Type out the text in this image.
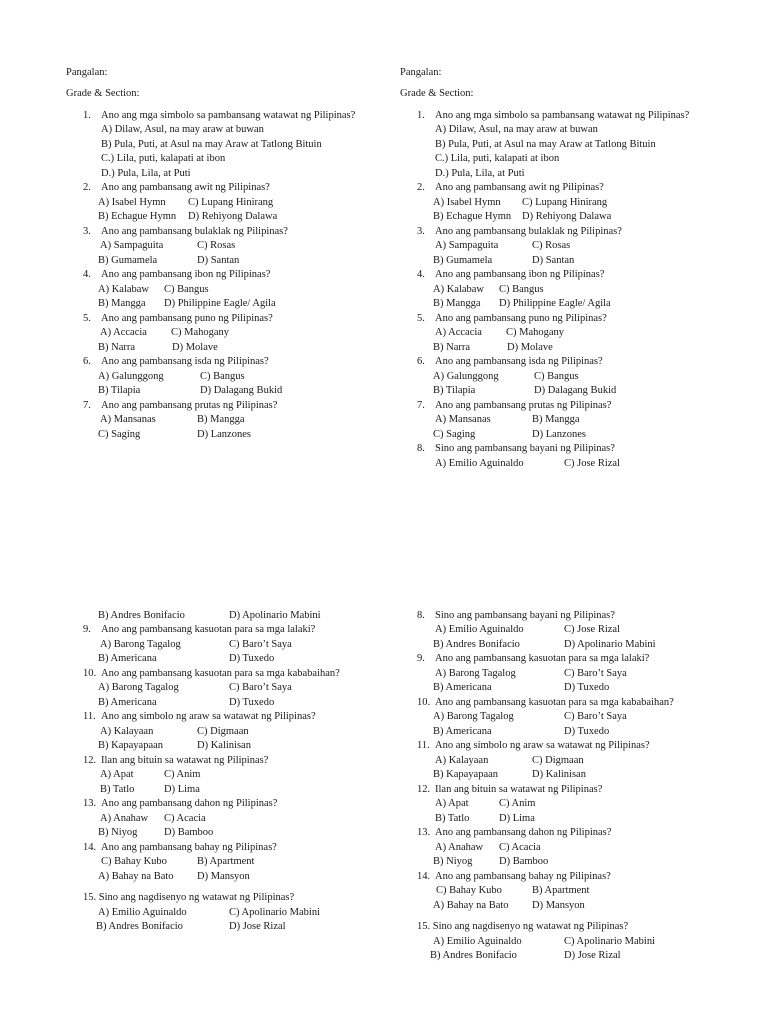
Pangalan:
Grade & Section:
1. Ano ang mga simbolo sa pambansang watawat ng Pilipinas?
A) Dilaw, Asul, na may araw at buwan
B) Pula, Puti, at Asul na may Araw at Tatlong Bituin
C.) Lila, puti, kalapati at ibon
D.) Pula, Lila, at Puti
2. Ano ang pambansang awit ng Pilipinas?
A) Isabel Hymn C) Lupang Hinirang
B) Echague Hymn D) Rehiyong Dalawa
3. Ano ang pambansang bulaklak ng Pilipinas?
A) Sampaguita	C) Rosas
B) Gumamela	D) Santan
4. Ano ang pambansang ibon ng Pilipinas?
A) Kalabaw C) Bangus
B) Mangga D) Philippine Eagle/ Agila
5. Ano ang pambansang puno ng Pilipinas?
A) Accacia C) Mahogany
B) Narra	D) Molave
6. Ano ang pambansang isda ng Pilipinas?
A) Galunggong	C) Bangus
B) Tilapia	D) Dalagang Bukid
7. Ano ang pambansang prutas ng Pilipinas?
A) Mansanas	B) Mangga
C) Saging	D) Lanzones
Pangalan:
Grade & Section:
1. Ano ang mga simbolo sa pambansang watawat ng Pilipinas?
A) Dilaw, Asul, na may araw at buwan
B) Pula, Puti, at Asul na may Araw at Tatlong Bituin
C.) Lila, puti, kalapati at ibon
D.) Pula, Lila, at Puti
2. Ano ang pambansang awit ng Pilipinas?
A) Isabel Hymn C) Lupang Hinirang
B) Echague Hymn D) Rehiyong Dalawa
3. Ano ang pambansang bulaklak ng Pilipinas?
A) Sampaguita	C) Rosas
B) Gumamela	D) Santan
4. Ano ang pambansang ibon ng Pilipinas?
A) Kalabaw C) Bangus
B) Mangga D) Philippine Eagle/ Agila
5. Ano ang pambansang puno ng Pilipinas?
A) Accacia C) Mahogany
B) Narra	D) Molave
6. Ano ang pambansang isda ng Pilipinas?
A) Galunggong	C) Bangus
B) Tilapia	D) Dalagang Bukid
7. Ano ang pambansang prutas ng Pilipinas?
A) Mansanas	B) Mangga
C) Saging	D) Lanzones
8. Sino ang pambansang bayani ng Pilipinas?
A) Emilio Aguinaldo	C) Jose Rizal
B) Andres Bonifacio	D) Apolinario Mabini
9. Ano ang pambansang kasuotan para sa mga lalaki?
A) Barong Tagalog	C) Baro’t Saya
B) Americana	D) Tuxedo
10. Ano ang pambansang kasuotan para sa mga kababaihan?
A) Barong Tagalog	C) Baro’t Saya
B) Americana	D) Tuxedo
11. Ano ang simbolo ng araw sa watawat ng Pilipinas?
A) Kalayaan	C) Digmaan
B) Kapayapaan	D) Kalinisan
12. Ilan ang bituin sa watawat ng Pilipinas?
A) Apat	C) Anim
B) Tatlo	D) Lima
13. Ano ang pambansang dahon ng Pilipinas?
A) Anahaw C) Acacia
B) Niyog	D) Bamboo
14. Ano ang pambansang bahay ng Pilipinas?
C) Bahay Kubo	B) Apartment
A) Bahay na Bato D) Mansyon
15. Sino ang nagdisenyo ng watawat ng Pilipinas?
A) Emilio Aguinaldo	C) Apolinario Mabini
B) Andres Bonifacio	D) Jose Rizal
8. Sino ang pambansang bayani ng Pilipinas?
A) Emilio Aguinaldo	C) Jose Rizal
B) Andres Bonifacio	D) Apolinario Mabini
9. Ano ang pambansang kasuotan para sa mga lalaki?
A) Barong Tagalog	C) Baro’t Saya
B) Americana	D) Tuxedo
10. Ano ang pambansang kasuotan para sa mga kababaihan?
A) Barong Tagalog	C) Baro’t Saya
B) Americana	D) Tuxedo
11. Ano ang simbolo ng araw sa watawat ng Pilipinas?
A) Kalayaan	C) Digmaan
B) Kapayapaan	D) Kalinisan
12. Ilan ang bituin sa watawat ng Pilipinas?
A) Apat	C) Anim
B) Tatlo	D) Lima
13. Ano ang pambansang dahon ng Pilipinas?
A) Anahaw C) Acacia
B) Niyog	D) Bamboo
14. Ano ang pambansang bahay ng Pilipinas?
C) Bahay Kubo	B) Apartment
A) Bahay na Bato D) Mansyon
15. Sino ang nagdisenyo ng watawat ng Pilipinas?
A) Emilio Aguinaldo	C) Apolinario Mabini
B) Andres Bonifacio	D) Jose Rizal
